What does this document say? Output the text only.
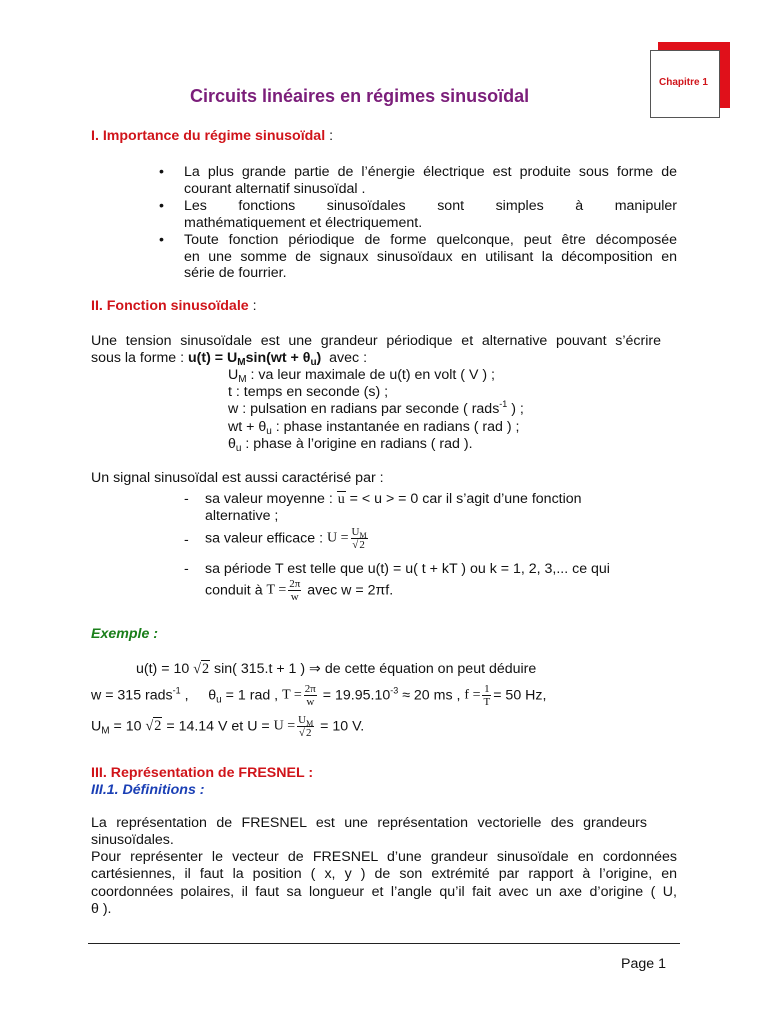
Chapitre 1
Circuits linéaires en régimes sinusoïdal
I. Importance du régime sinusoïdal :
• La plus grande partie de l’énergie électrique est produite sous forme de
courant alternatif sinusoïdal .
• Les fonctions sinusoïdales sont simples à manipuler
mathématiquement et électriquement.
• Toute fonction périodique de forme quelconque, peut être décomposée
en une somme de signaux sinusoïdaux en utilisant la décomposition en
série de fourrier.
II. Fonction sinusoïdale :
Une tension sinusoïdale est une grandeur périodique et alternative pouvant s’écrire
sous la forme : $u(t) = U_M\sin(wt + \theta_u)$ avec :
$U_M$ : va leur maximale de u(t) en volt ( V ) ;
t : temps en seconde (s) ;
w : pulsation en radians par seconde ( rads$^{-1}$ ) ;
wt + $\theta_u$ : phase instantanée en radians ( rad ) ;
$\theta_u$ : phase à l’origine en radians ( rad ).
Un signal sinusoïdal est aussi caractérisé par :
- sa valeur moyenne : u = < u > = 0 car il s’agit d’une fonction
alternative ;
- sa valeur efficace : $U = \frac{U_M}{√2}$
- sa période T est telle que u(t) = u( t + kT ) ou k = 1, 2, 3,... ce qui
conduit à $T = \frac{2\pi}{w}$ avec w = 2πf.
Exemple :
u(t) = 10 √2 sin( 315.t + 1 ) ⇒ de cette équation on peut déduire
w = 315 rads$^{-1}$ , $\theta_u = 1$ rad , $T = \frac{2\pi}{w} = 19.95.10^{-3} \approx 20$ ms , $f = \frac{1}{T} = 50$ Hz,
$U_M = 10$ √2 = 14.14 V et $U = U = \frac{U_M}{√2} = 10$ V.
III. Représentation de FRESNEL :
III.1. Définitions :
La représentation de FRESNEL est une représentation vectorielle des grandeurs
sinusoïdales.
Pour représenter le vecteur de FRESNEL d’une grandeur sinusoïdale en cordonnées
cartésiennes, il faut la position ( x, y ) de son extrémité par rapport à l’origine, en
coordonnées polaires, il faut sa longueur et l’angle qu’il fait avec un axe d’origine ( U,
θ ).
Page 1
